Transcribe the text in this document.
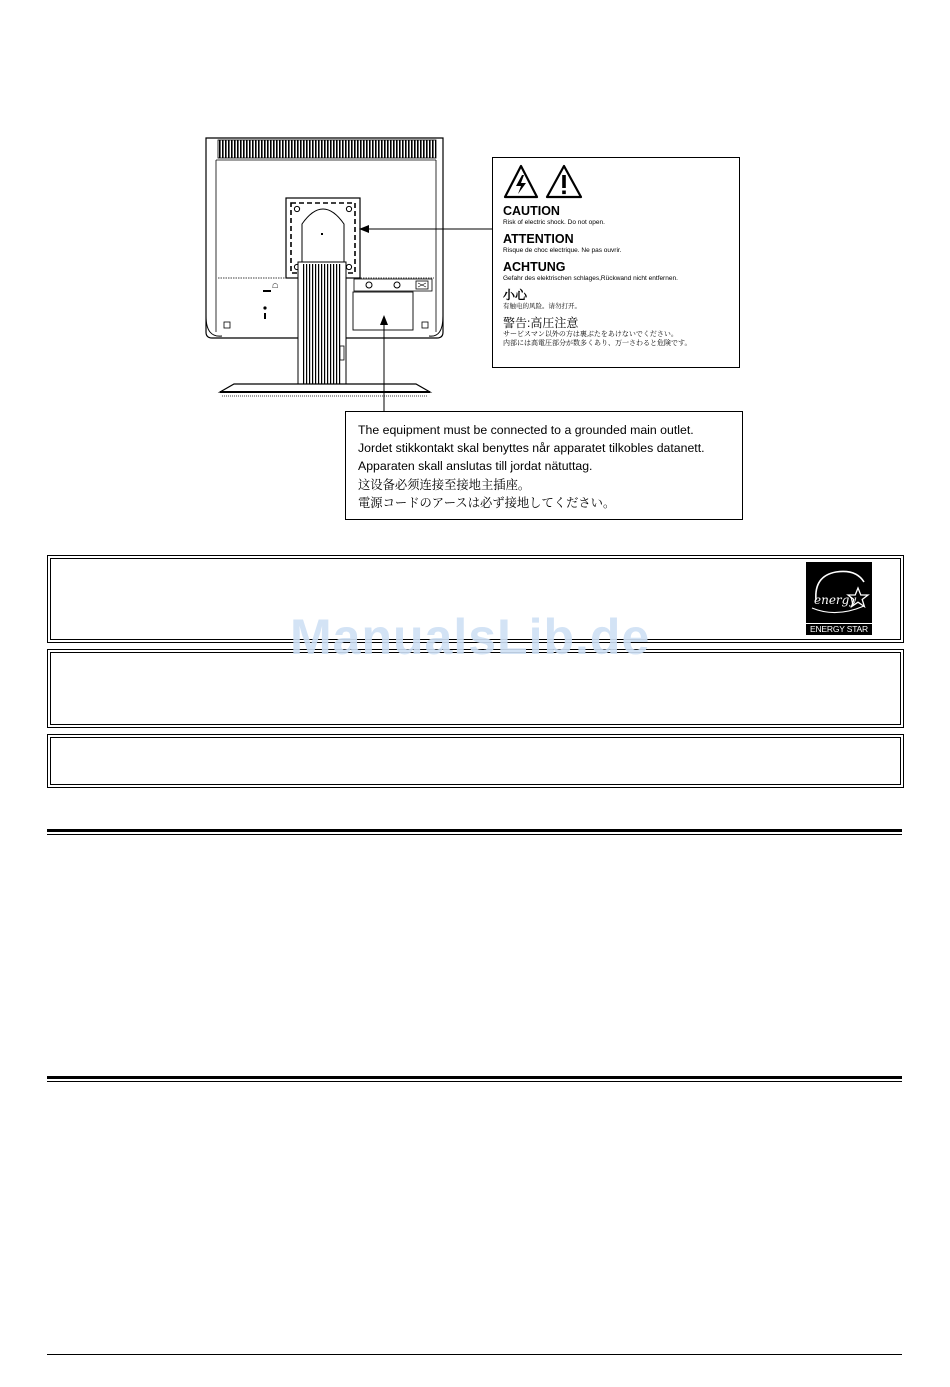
☖
CAUTION
Risk of electric shock. Do not open.
ATTENTION
Risque de choc electrique. Ne pas ouvrir.
ACHTUNG
Gefahr des elektrischen schlages,Rückwand nicht entfernen.
小心
有触电的风险。请勿打开。
警告:高圧注意
サービスマン以外の方は裏ぶたをあけないでください。
内部には高電圧部分が数多くあり、万一さわると危険です。
The equipment must be connected to a grounded main outlet.
Jordet stikkontakt skal benyttes når apparatet tilkobles datanett.
Apparaten skall anslutas till jordat nätuttag.
这设备必须连接至接地主插座。
電源コードのアースは必ず接地してください。
energy
ENERGY STAR
ManualsLib.de
